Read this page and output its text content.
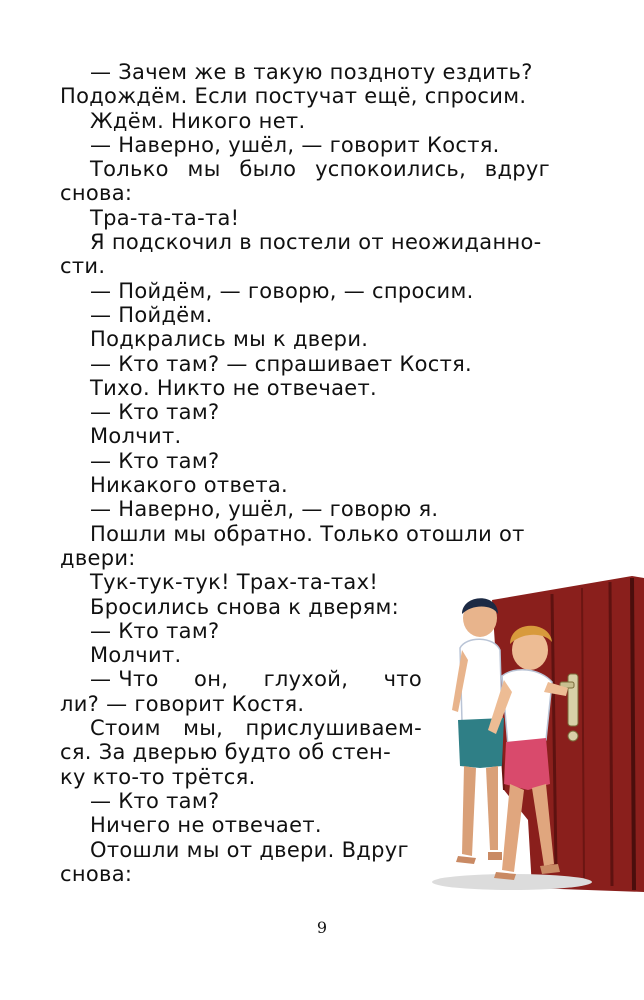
— Зачем же в такую поздноту ездить?
Подождём. Если постучат ещё, спросим.
Ждём. Никого нет.
— Наверно, ушёл, — говорит Костя.
Только мы было успокоились, вдруг
снова:
Тра-та-та-та!
Я подскочил в постели от неожиданно-
сти.
— Пойдём, — говорю, — спросим.
— Пойдём.
Подкрались мы к двери.
— Кто там? — спрашивает Костя.
Тихо. Никто не отвечает.
— Кто там?
Молчит.
— Кто там?
Никакого ответа.
— Наверно, ушёл, — говорю я.
Пошли мы обратно. Только отошли от
двери:
Тук-тук-тук! Трах-та-тах!
Бросились снова к дверям:
— Кто там?
Молчит.
— Что он, глухой, что
ли? — говорит Костя.
Стоим мы, прислушиваем-
ся. За дверью будто об стен-
ку кто-то трётся.
— Кто там?
Ничего не отвечает.
Отошли мы от двери. Вдруг
снова:
9
